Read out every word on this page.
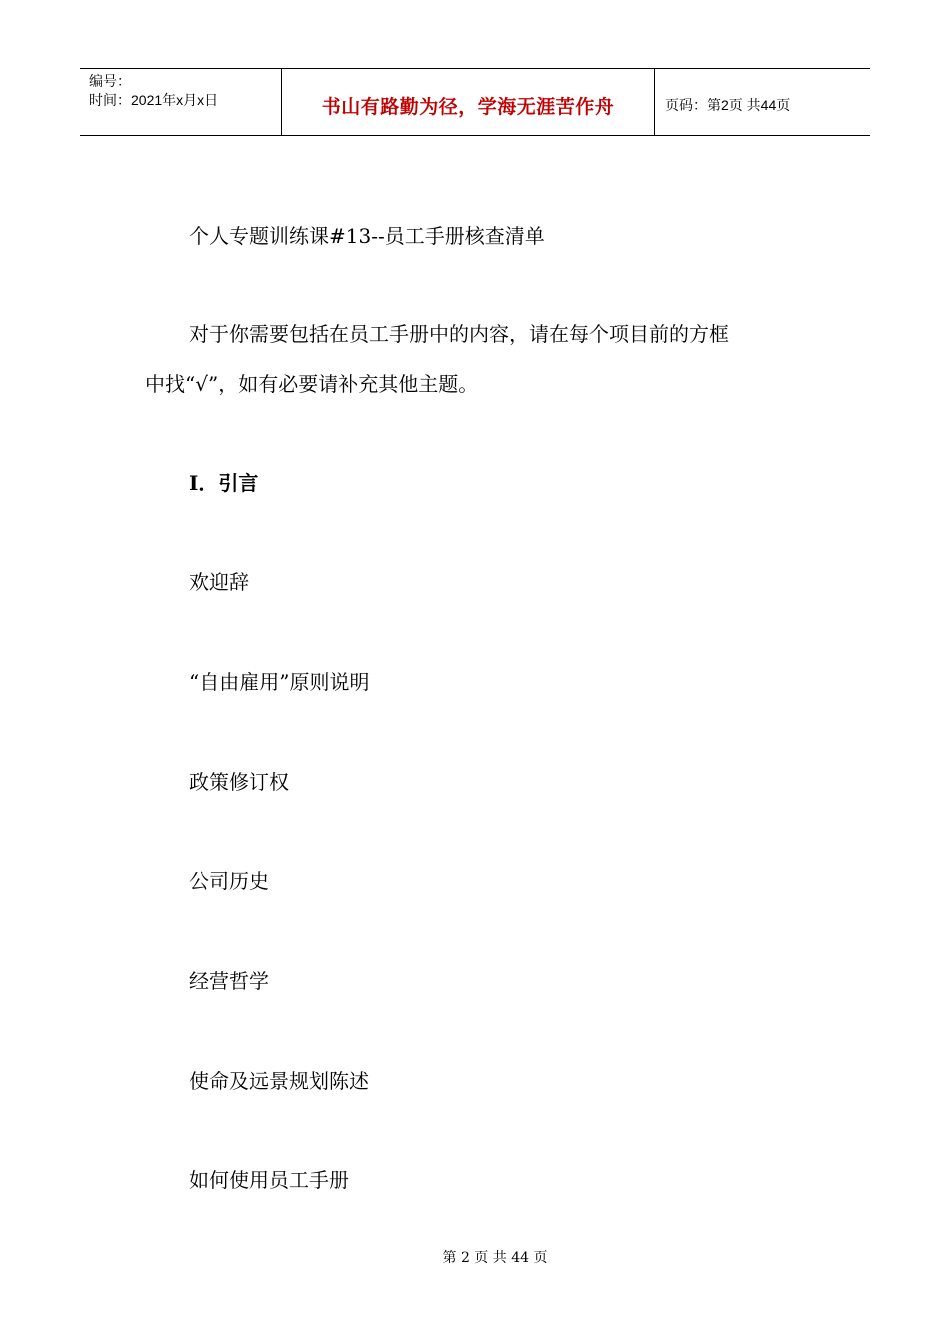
编号：
时间：2021年x月x日	书山有路勤为径，学海无涯苦作舟	页码：第2页 共44页
个人专题训练课#13--员工手册核查清单
对于你需要包括在员工手册中的内容，请在每个项目前的方框
中找“√”，如有必要请补充其他主题。
I．引言
欢迎辞
“自由雇用”原则说明
政策修订权
公司历史
经营哲学
使命及远景规划陈述
如何使用员工手册
第 2 页 共 44 页
